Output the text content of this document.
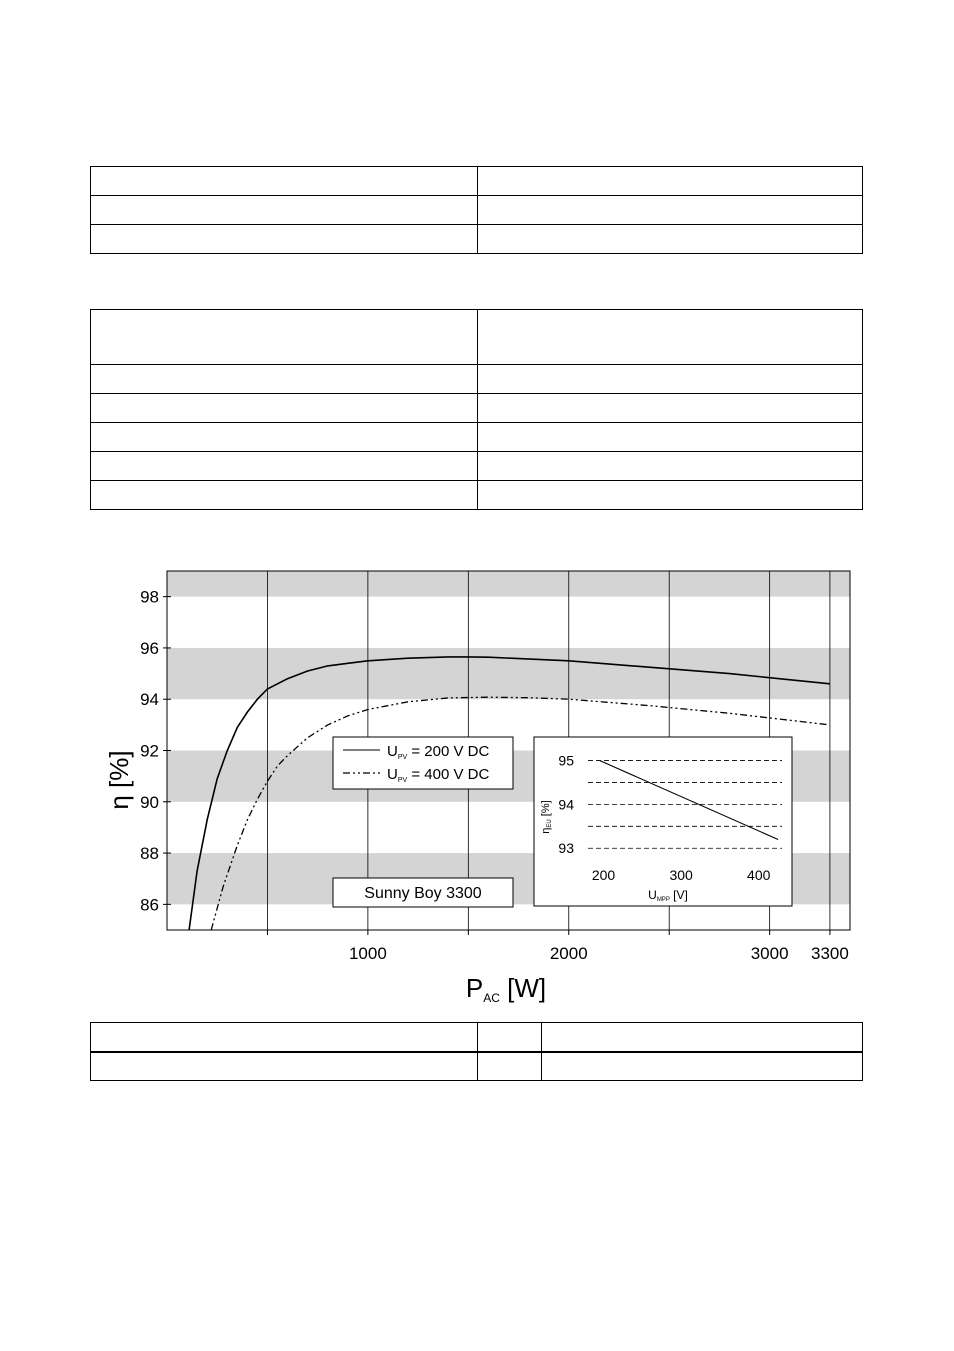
86
88
90
92
94
96
98
1000	2000	3000 3300
η [%]
PAC [W]
$U_{PV} = 200$ V DC
$U_{PV} = 400$ V DC
Sunny Boy 3300
93
94
95
200	300	400
ηEU [%]
UMPP [V]
